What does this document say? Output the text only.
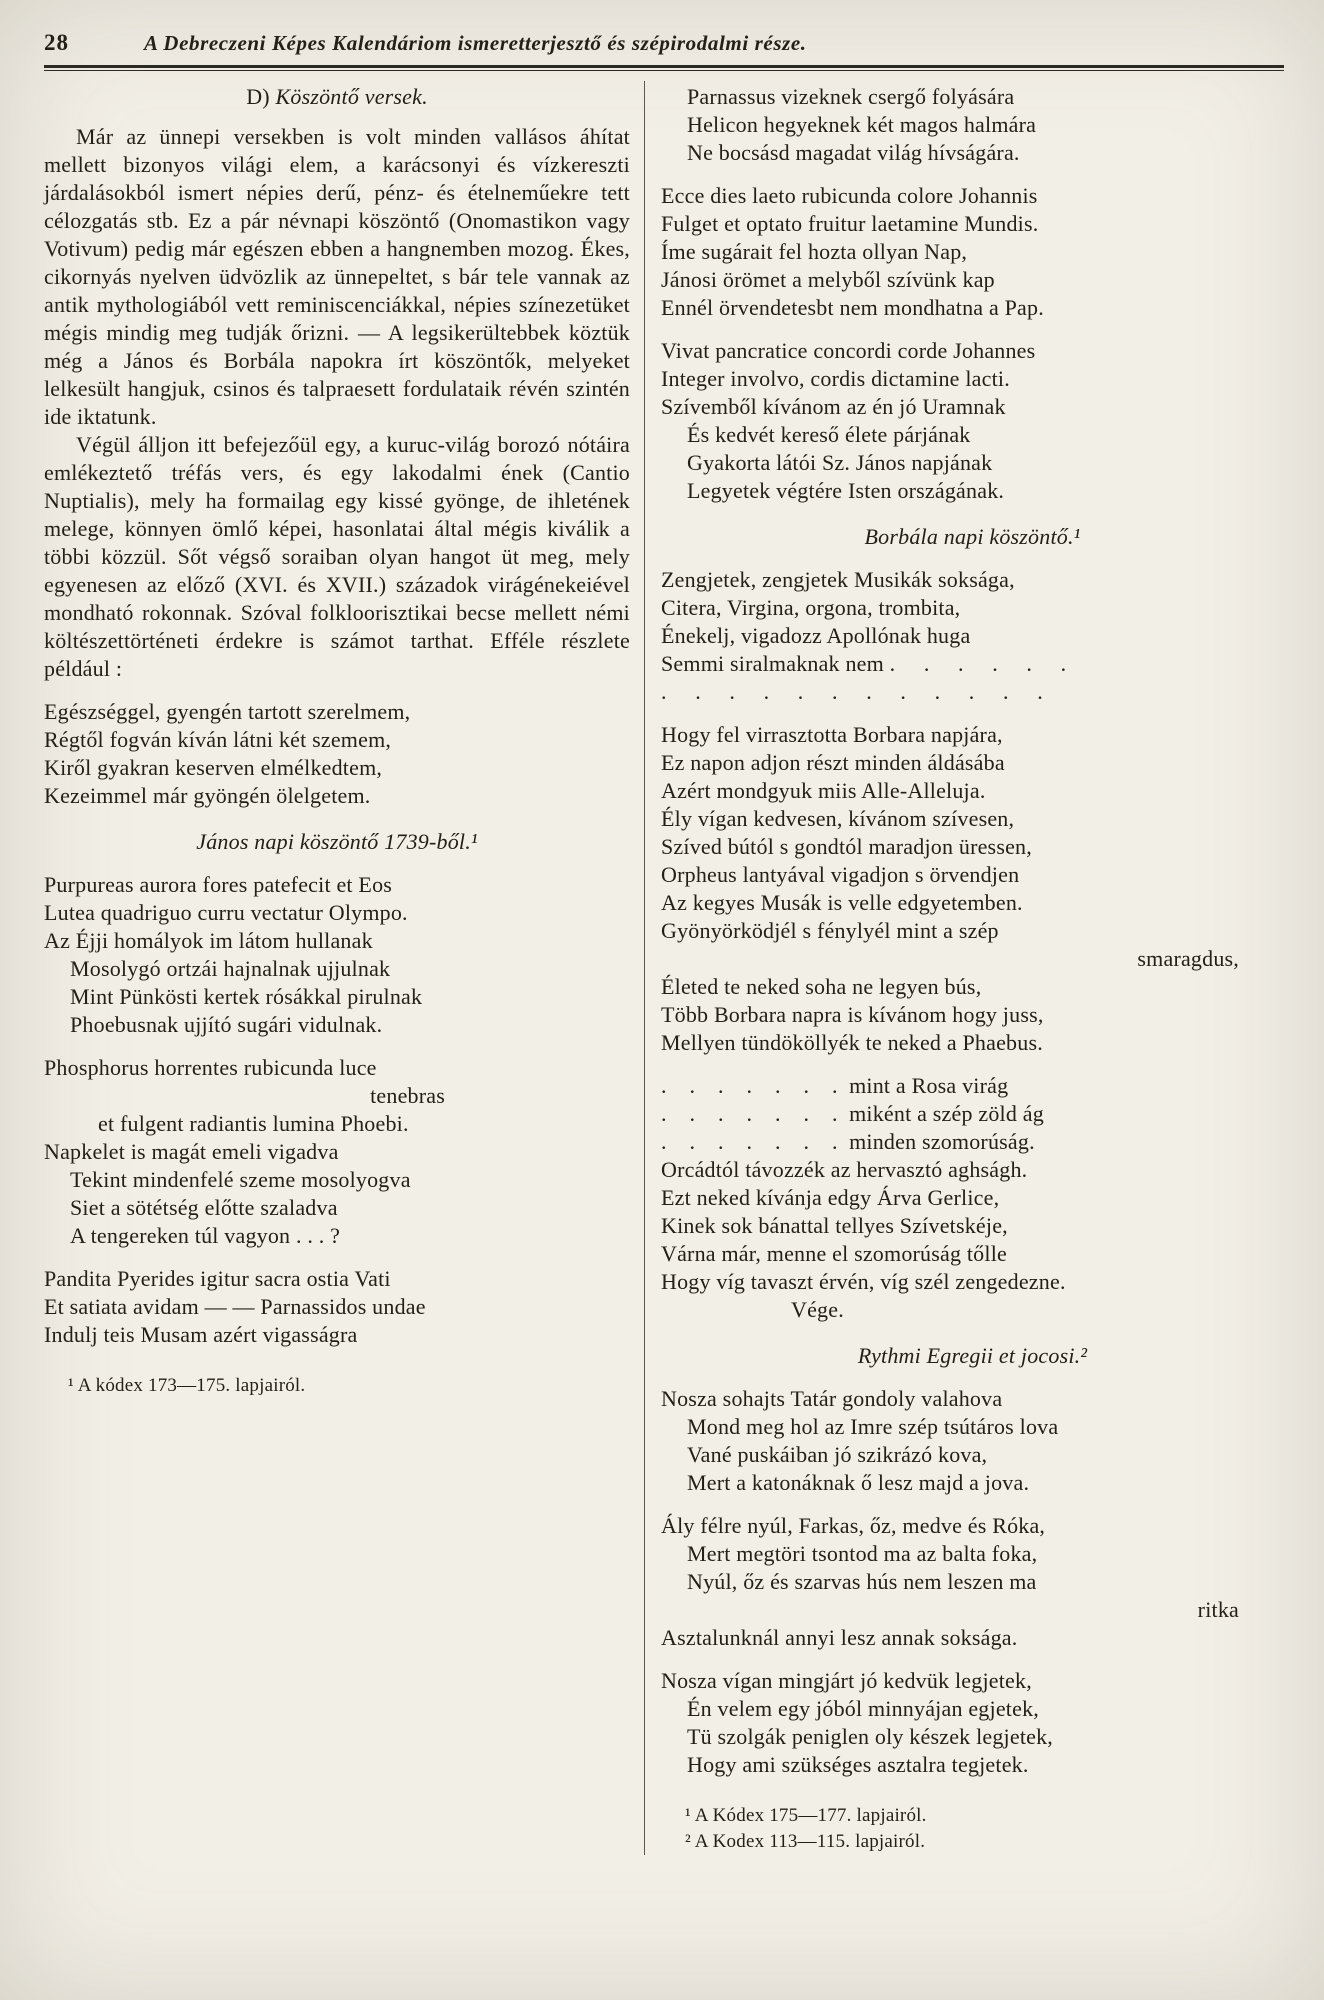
28	A Debreczeni Képes Kalendáriom ismeretterjesztő és szépirodalmi része.
D) Köszöntő versek.

Már az ünnepi versekben is volt minden vallásos áhítat mellett bizonyos világi elem, a karácsonyi és vízkereszti járdalásokból ismert népies derű, pénz- és ételneműekre tett célozgatás stb. Ez a pár névnapi köszöntő (Onomastikon vagy Votivum) pedig már egészen ebben a hangnemben mozog. Ékes, cikornyás nyelven üdvözlik az ünnepeltet, s bár tele vannak az antik mythologiából vett reminiscenciákkal, népies színezetüket mégis mindig meg tudják őrizni. — A legsikerültebbek köztük még a János és Borbála napokra írt köszöntők, melyeket lelkesült hangjuk, csinos és talpraesett fordulataik révén szintén ide iktatunk.

Végül álljon itt befejezőül egy, a kuruc-világ borozó nótáira emlékeztető tréfás vers, és egy lakodalmi ének (Cantio Nuptialis), mely ha formailag egy kissé gyönge, de ihletének melege, könnyen ömlő képei, hasonlatai által mégis kiválik a többi közzül. Sőt végső soraiban olyan hangot üt meg, mely egyenesen az előző (XVI. és XVII.) századok virágénekeiével mondható rokonnak. Szóval folkloorisztikai becse mellett némi költészettörténeti érdekre is számot tarthat. Efféle részlete például :

Egészséggel, gyengén tartott szerelmem,
Régtől fogván kíván látni két szemem,
Kiről gyakran keserven elmélkedtem,
Kezeimmel már gyöngén ölelgetem.
János napi köszöntő 1739-ből.¹
Purpureas aurora fores patefecit et Eos
Lutea quadriguo curru vectatur Olympo.
Az Éjji homályok im látom hullanak
Mosolygó ortzái hajnalnak ujjulnak
Mint Pünkösti kertek rósákkal pirulnak
Phoebusnak ujjító sugári vidulnak.
Phosphorus horrentes rubicunda luce
tenebras
et fulgent radiantis lumina Phoebi.
Napkelet is magát emeli vigadva
Tekint mindenfelé szeme mosolyogva
Siet a sötétség előtte szaladva
A tengereken túl vagyon . . . ?
Pandita Pyerides igitur sacra ostia Vati
Et satiata avidam — — Parnassidos undae
Indulj teis Musam azért vigasságra
¹ A kódex 173—175. lapjairól.
Parnassus vizeknek csergő folyására
Helicon hegyeknek két magos halmára
Ne bocsásd magadat világ hívságára.
Ecce dies laeto rubicunda colore Johannis
Fulget et optato fruitur laetamine Mundis.
Íme sugárait fel hozta ollyan Nap,
Jánosi örömet a melyből szívünk kap
Ennél örvendetesbt nem mondhatna a Pap.
Vivat pancratice concordi corde Johannes
Integer involvo, cordis dictamine lacti.
Szívemből kívánom az én jó Uramnak
És kedvét kereső élete párjának
Gyakorta látói Sz. János napjának
Legyetek végtére Isten országának.
Borbála napi köszöntő.¹
Zengjetek, zengjetek Musikák soksága,
Citera, Virgina, orgona, trombita,
Énekelj, vigadozz Apollónak huga
Semmi siralmaknak nem .     .     .     .     .     .
.     .     .     .     .     .     .     .     .     .     .     .
Hogy fel virrasztotta Borbara napjára,
Ez napon adjon részt minden áldásába
Azért mondgyuk miis Alle-Alleluja.
Ély vígan kedvesen, kívánom szívesen,
Szíved bútól s gondtól maradjon üressen,
Orpheus lantyával vigadjon s örvendjen
Az kegyes Musák is velle edgyetemben.
Gyönyörködjél s fénylyél mint a szép
smaragdus,
Életed te neked soha ne legyen bús,
Több Borbara napra is kívánom hogy juss,
Mellyen tündököllyék te neked a Phaebus.
.    .    .    .    .    .    .  mint a Rosa virág
.    .    .    .    .    .    .  miként a szép zöld ág
.    .    .    .    .    .    .  minden szomorúság.
Orcádtól távozzék az hervasztó aghságh.
Ezt neked kívánja edgy Árva Gerlice,
Kinek sok bánattal tellyes Szívetskéje,
Várna már, menne el szomorúság tőlle
Hogy víg tavaszt érvén, víg szél zengedezne.
Vége.
Rythmi Egregii et jocosi.²
Nosza sohajts Tatár gondoly valahova
Mond meg hol az Imre szép tsútáros lova
Vané puskáiban jó szikrázó kova,
Mert a katonáknak ő lesz majd a jova.
Ály félre nyúl, Farkas, őz, medve és Róka,
Mert megtöri tsontod ma az balta foka,
Nyúl, őz és szarvas hús nem leszen ma
ritka
Asztalunknál annyi lesz annak soksága.
Nosza vígan mingjárt jó kedvük legjetek,
Én velem egy jóból minnyájan egjetek,
Tü szolgák peniglen oly készek legjetek,
Hogy ami szükséges asztalra tegjetek.
¹ A Kódex 175—177. lapjairól.
² A Kodex 113—115. lapjairól.
